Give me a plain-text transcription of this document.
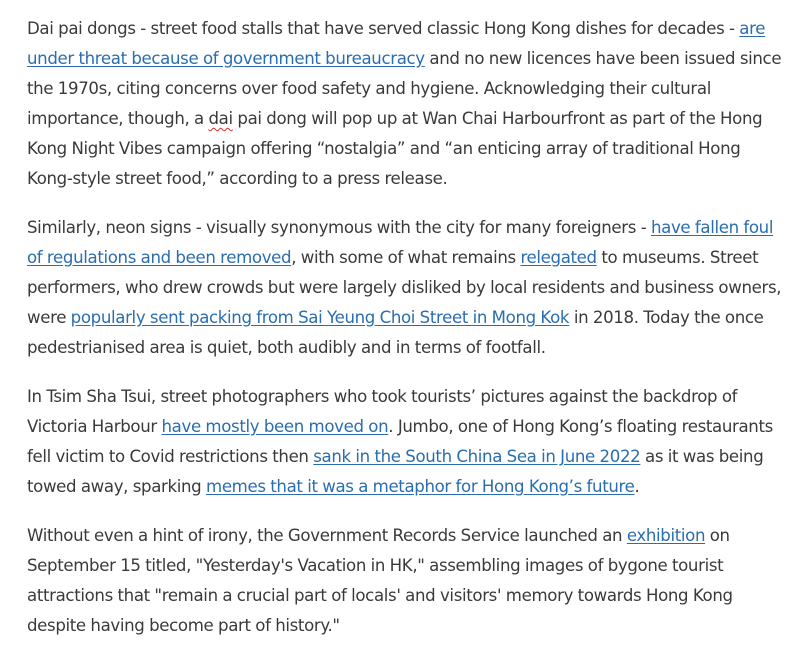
Dai pai dongs - street food stalls that have served classic Hong Kong dishes for decades - are under threat because of government bureaucracy and no new licences have been issued since the 1970s, citing concerns over food safety and hygiene. Acknowledging their cultural importance, though, a dai pai dong will pop up at Wan Chai Harbourfront as part of the Hong Kong Night Vibes campaign offering “nostalgia” and “an enticing array of traditional Hong Kong-style street food,” according to a press release.

Similarly, neon signs - visually synonymous with the city for many foreigners - have fallen foul of regulations and been removed, with some of what remains relegated to museums. Street performers, who drew crowds but were largely disliked by local residents and business owners, were popularly sent packing from Sai Yeung Choi Street in Mong Kok in 2018. Today the once pedestrianised area is quiet, both audibly and in terms of footfall.

In Tsim Sha Tsui, street photographers who took tourists’ pictures against the backdrop of Victoria Harbour have mostly been moved on. Jumbo, one of Hong Kong’s floating restaurants fell victim to Covid restrictions then sank in the South China Sea in June 2022 as it was being towed away, sparking memes that it was a metaphor for Hong Kong’s future.

Without even a hint of irony, the Government Records Service launched an exhibition on September 15 titled, "Yesterday's Vacation in HK," assembling images of bygone tourist attractions that "remain a crucial part of locals' and visitors' memory towards Hong Kong despite having become part of history."
